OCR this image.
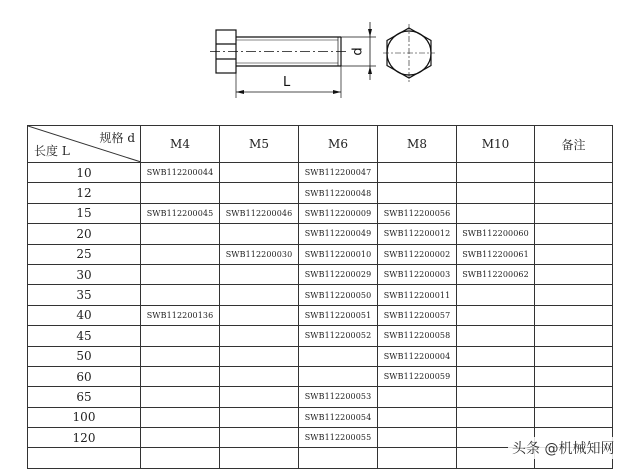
L
d
规格 d
长度 L	M4	M5	M6	M8	M10	备注
10	SWB112200044		SWB112200047			
12			SWB112200048			
15	SWB112200045	SWB112200046	SWB112200009	SWB112200056		
20			SWB112200049	SWB112200012	SWB112200060	
25		SWB112200030	SWB112200010	SWB112200002	SWB112200061	
30			SWB112200029	SWB112200003	SWB112200062	
35			SWB112200050	SWB112200011		
40	SWB112200136		SWB112200051	SWB112200057		
45			SWB112200052	SWB112200058		
50				SWB112200004		
60				SWB112200059		
65			SWB112200053			
100			SWB112200054			
120			SWB112200055			

头条 @机械知网
